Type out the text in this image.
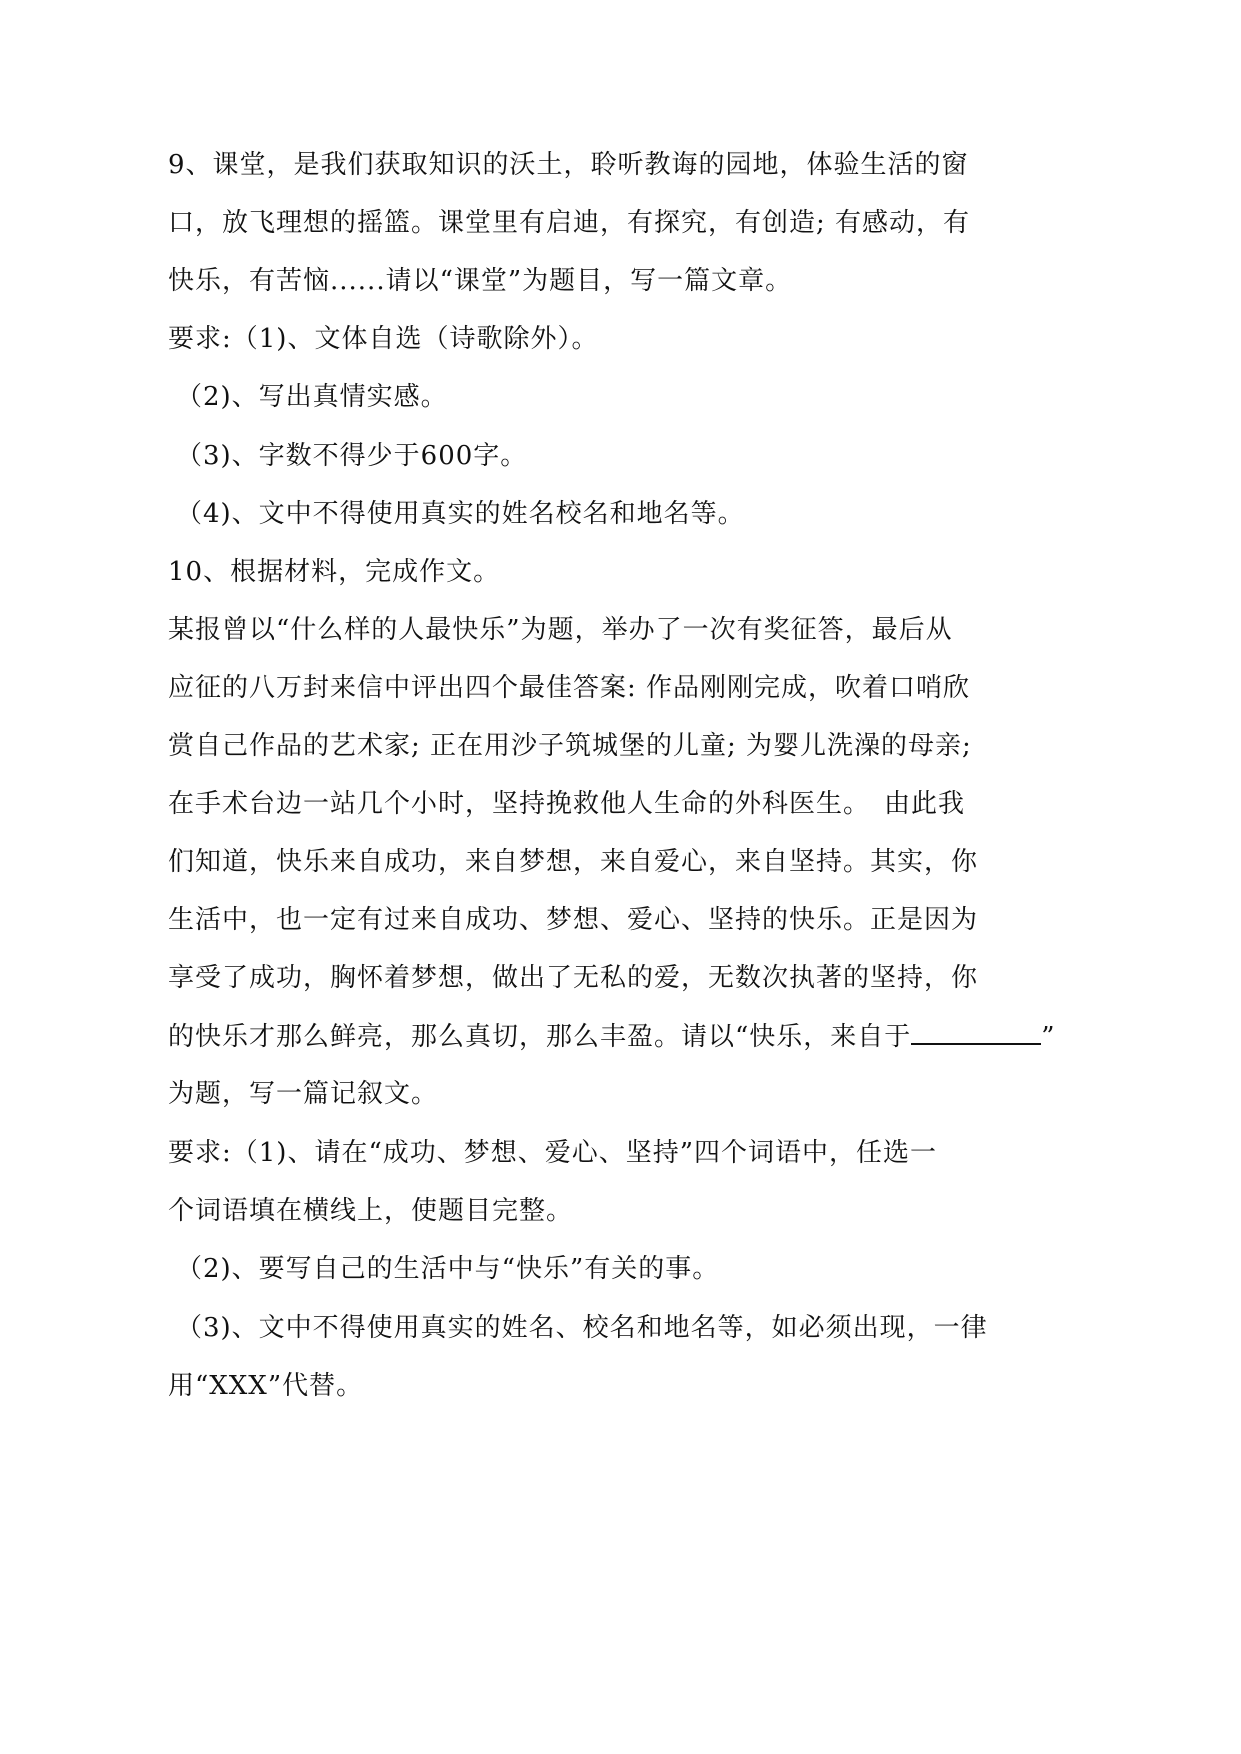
9、课堂，是我们获取知识的沃土，聆听教诲的园地，体验生活的窗
口，放飞理想的摇篮。课堂里有启迪，有探究，有创造; 有感动，有
快乐，有苦恼......请以“课堂”为题目，写一篇文章。
要求:（1)、文体自选（诗歌除外）。
（2)、写出真情实感。
（3)、字数不得少于600字。
（4)、文中不得使用真实的姓名校名和地名等。
10、根据材料，完成作文。
某报曾以“什么样的人最快乐”为题，举办了一次有奖征答，最后从
应征的八万封来信中评出四个最佳答案: 作品刚刚完成，吹着口哨欣
赏自己作品的艺术家; 正在用沙子筑城堡的儿童; 为婴儿洗澡的母亲;
在手术台边一站几个小时，坚持挽救他人生命的外科医生。　由此我
们知道，快乐来自成功，来自梦想，来自爱心，来自坚持。其实，你
生活中，也一定有过来自成功、梦想、爱心、坚持的快乐。正是因为
享受了成功，胸怀着梦想，做出了无私的爱，无数次执著的坚持，你
的快乐才那么鲜亮，那么真切，那么丰盈。请以“快乐，来自于	”
为题，写一篇记叙文。
要求:（1)、请在“成功、梦想、爱心、坚持”四个词语中，任选一
个词语填在横线上，使题目完整。
（2)、要写自己的生活中与“快乐”有关的事。
（3)、文中不得使用真实的姓名、校名和地名等，如必须出现，一律
用“XXX”代替。
